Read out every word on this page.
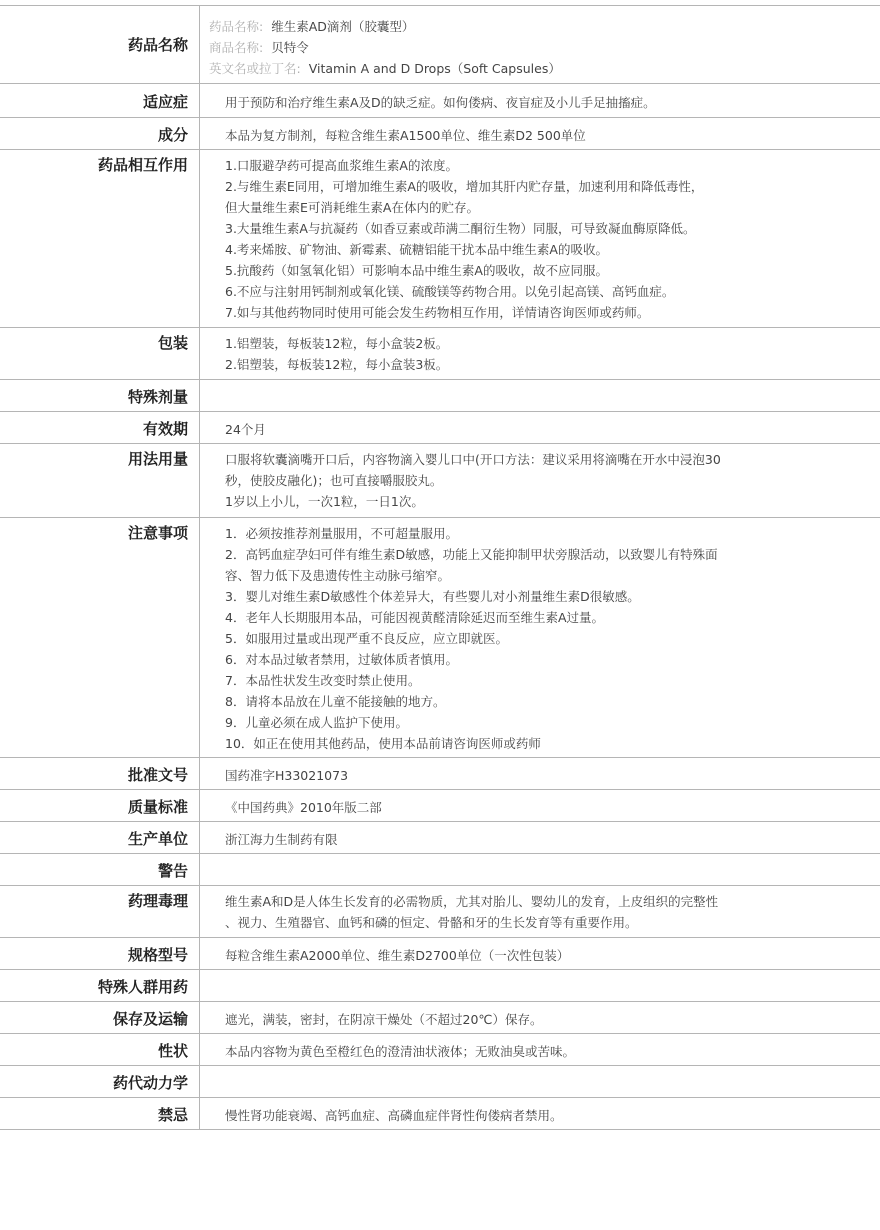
药品名称
药品名称: 维生素AD滴剂（胶囊型）
商品名称: 贝特令
英文名或拉丁名: Vitamin A and D Drops（Soft Capsules）
适应症	用于预防和治疗维生素A及D的缺乏症。如佝偻病、夜盲症及小儿手足抽搐症。
成分	本品为复方制剂，每粒含维生素A1500单位、维生素D2 500单位
药品相互作用	1.口服避孕药可提高血浆维生素A的浓度。
2.与维生素E同用，可增加维生素A的吸收，增加其肝内贮存量，加速利用和降低毒性，
但大量维生素E可消耗维生素A在体内的贮存。
3.大量维生素A与抗凝药（如香豆素或茚满二酮衍生物）同服，可导致凝血酶原降低。
4.考来烯胺、矿物油、新霉素、硫糖铝能干扰本品中维生素A的吸收。
5.抗酸药（如氢氧化铝）可影响本品中维生素A的吸收，故不应同服。
6.不应与注射用钙制剂或氧化镁、硫酸镁等药物合用。以免引起高镁、高钙血症。
7.如与其他药物同时使用可能会发生药物相互作用，详情请咨询医师或药师。
包装	1.铝塑装，每板装12粒，每小盒装2板。
2.铝塑装，每板装12粒，每小盒装3板。
特殊剂量
有效期	24个月
用法用量	口服将软囊滴嘴开口后，内容物滴入婴儿口中(开口方法：建议采用将滴嘴在开水中浸泡30
秒，使胶皮融化)；也可直接嚼服胶丸。
1岁以上小儿，一次1粒，一日1次。
注意事项	1．必须按推荐剂量服用，不可超量服用。
2．高钙血症孕妇可伴有维生素D敏感，功能上又能抑制甲状旁腺活动，以致婴儿有特殊面
容、智力低下及患遗传性主动脉弓缩窄。
3．婴儿对维生素D敏感性个体差异大，有些婴儿对小剂量维生素D很敏感。
4．老年人长期服用本品，可能因视黄醛清除延迟而至维生素A过量。
5．如服用过量或出现严重不良反应，应立即就医。
6．对本品过敏者禁用，过敏体质者慎用。
7．本品性状发生改变时禁止使用。
8．请将本品放在儿童不能接触的地方。
9．儿童必须在成人监护下使用。
10．如正在使用其他药品，使用本品前请咨询医师或药师
批准文号	国药准字H33021073
质量标准	《中国药典》2010年版二部
生产单位	浙江海力生制药有限
警告
药理毒理	维生素A和D是人体生长发育的必需物质，尤其对胎儿、婴幼儿的发育，上皮组织的完整性
、视力、生殖器官、血钙和磷的恒定、骨骼和牙的生长发育等有重要作用。
规格型号	每粒含维生素A2000单位、维生素D2700单位（一次性包装）
特殊人群用药
保存及运输	遮光，满装，密封，在阴凉干燥处（不超过20℃）保存。
性状	本品内容物为黄色至橙红色的澄清油状液体；无败油臭或苦味。
药代动力学
禁忌	慢性肾功能衰竭、高钙血症、高磷血症伴肾性佝偻病者禁用。
